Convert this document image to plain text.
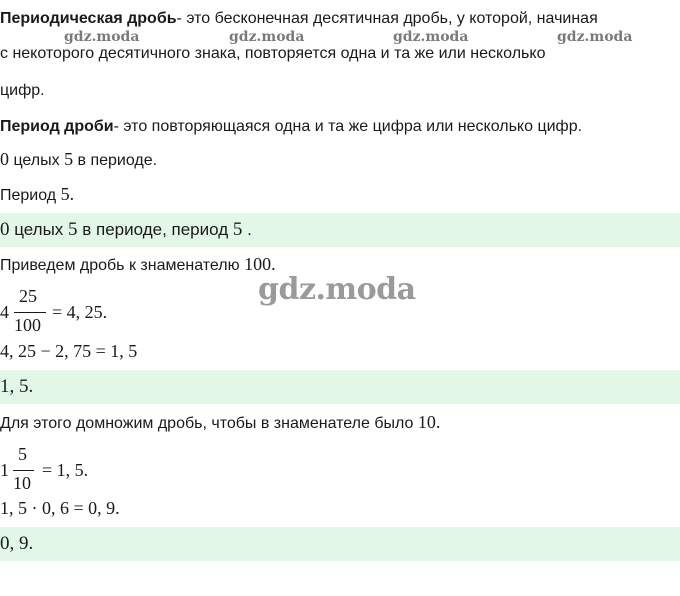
Периодическая дробь- это бесконечная десятичная дробь, у которой, начиная
с некоторого десятичного знака, повторяется одна и та же или несколько
цифр.
gdz.moda	gdz.moda	gdz.moda	gdz.moda
Период дроби- это повторяющаяся одна и та же цифра или несколько цифр.
0 целых 5 в периоде.
Период 5.
0 целых 5 в периоде, период 5 .
Приведем дробь к знаменателю 100.
gdz.moda
4
25
100
= 4, 25.
4, 25 − 2, 75 = 1, 5
1, 5.
Для этого домножим дробь, чтобы в знаменателе было 10.
1
5
10
= 1, 5.
1, 5 · 0, 6 = 0, 9.
0, 9.
